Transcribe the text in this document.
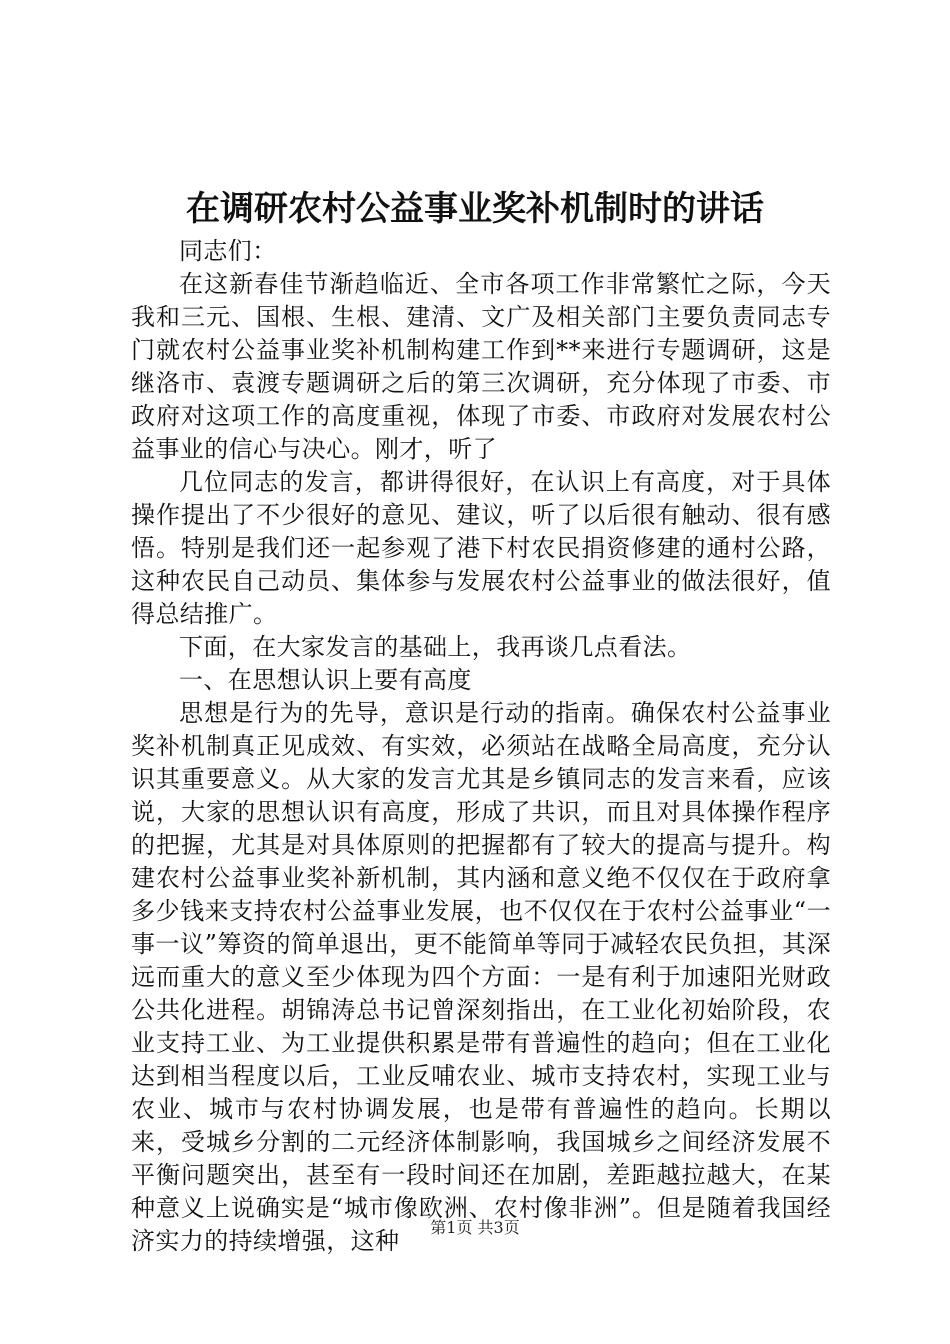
在调研农村公益事业奖补机制时的讲话

同志们：

在这新春佳节渐趋临近、全市各项工作非常繁忙之际，今天我和三元、国根、生根、建清、文广及相关部门主要负责同志专门就农村公益事业奖补机制构建工作到**来进行专题调研，这是继洛市、袁渡专题调研之后的第三次调研，充分体现了市委、市政府对这项工作的高度重视，体现了市委、市政府对发展农村公益事业的信心与决心。刚才，听了

几位同志的发言，都讲得很好，在认识上有高度，对于具体操作提出了不少很好的意见、建议，听了以后很有触动、很有感悟。特别是我们还一起参观了港下村农民捐资修建的通村公路，这种农民自己动员、集体参与发展农村公益事业的做法很好，值得总结推广。

下面，在大家发言的基础上，我再谈几点看法。

一、在思想认识上要有高度

思想是行为的先导，意识是行动的指南。确保农村公益事业奖补机制真正见成效、有实效，必须站在战略全局高度，充分认识其重要意义。从大家的发言尤其是乡镇同志的发言来看，应该说，大家的思想认识有高度，形成了共识，而且对具体操作程序的把握，尤其是对具体原则的把握都有了较大的提高与提升。构建农村公益事业奖补新机制，其内涵和意义绝不仅仅在于政府拿多少钱来支持农村公益事业发展，也不仅仅在于农村公益事业“一事一议”筹资的简单退出，更不能简单等同于减轻农民负担，其深远而重大的意义至少体现为四个方面：一是有利于加速阳光财政公共化进程。胡锦涛总书记曾深刻指出，在工业化初始阶段，农业支持工业、为工业提供积累是带有普遍性的趋向；但在工业化达到相当程度以后，工业反哺农业、城市支持农村，实现工业与农业、城市与农村协调发展，也是带有普遍性的趋向。长期以来，受城乡分割的二元经济体制影响，我国城乡之间经济发展不平衡问题突出，甚至有一段时间还在加剧，差距越拉越大，在某种意义上说确实是“城市像欧洲、农村像非洲”。但是随着我国经济实力的持续增强，这种	第1页 共3页
